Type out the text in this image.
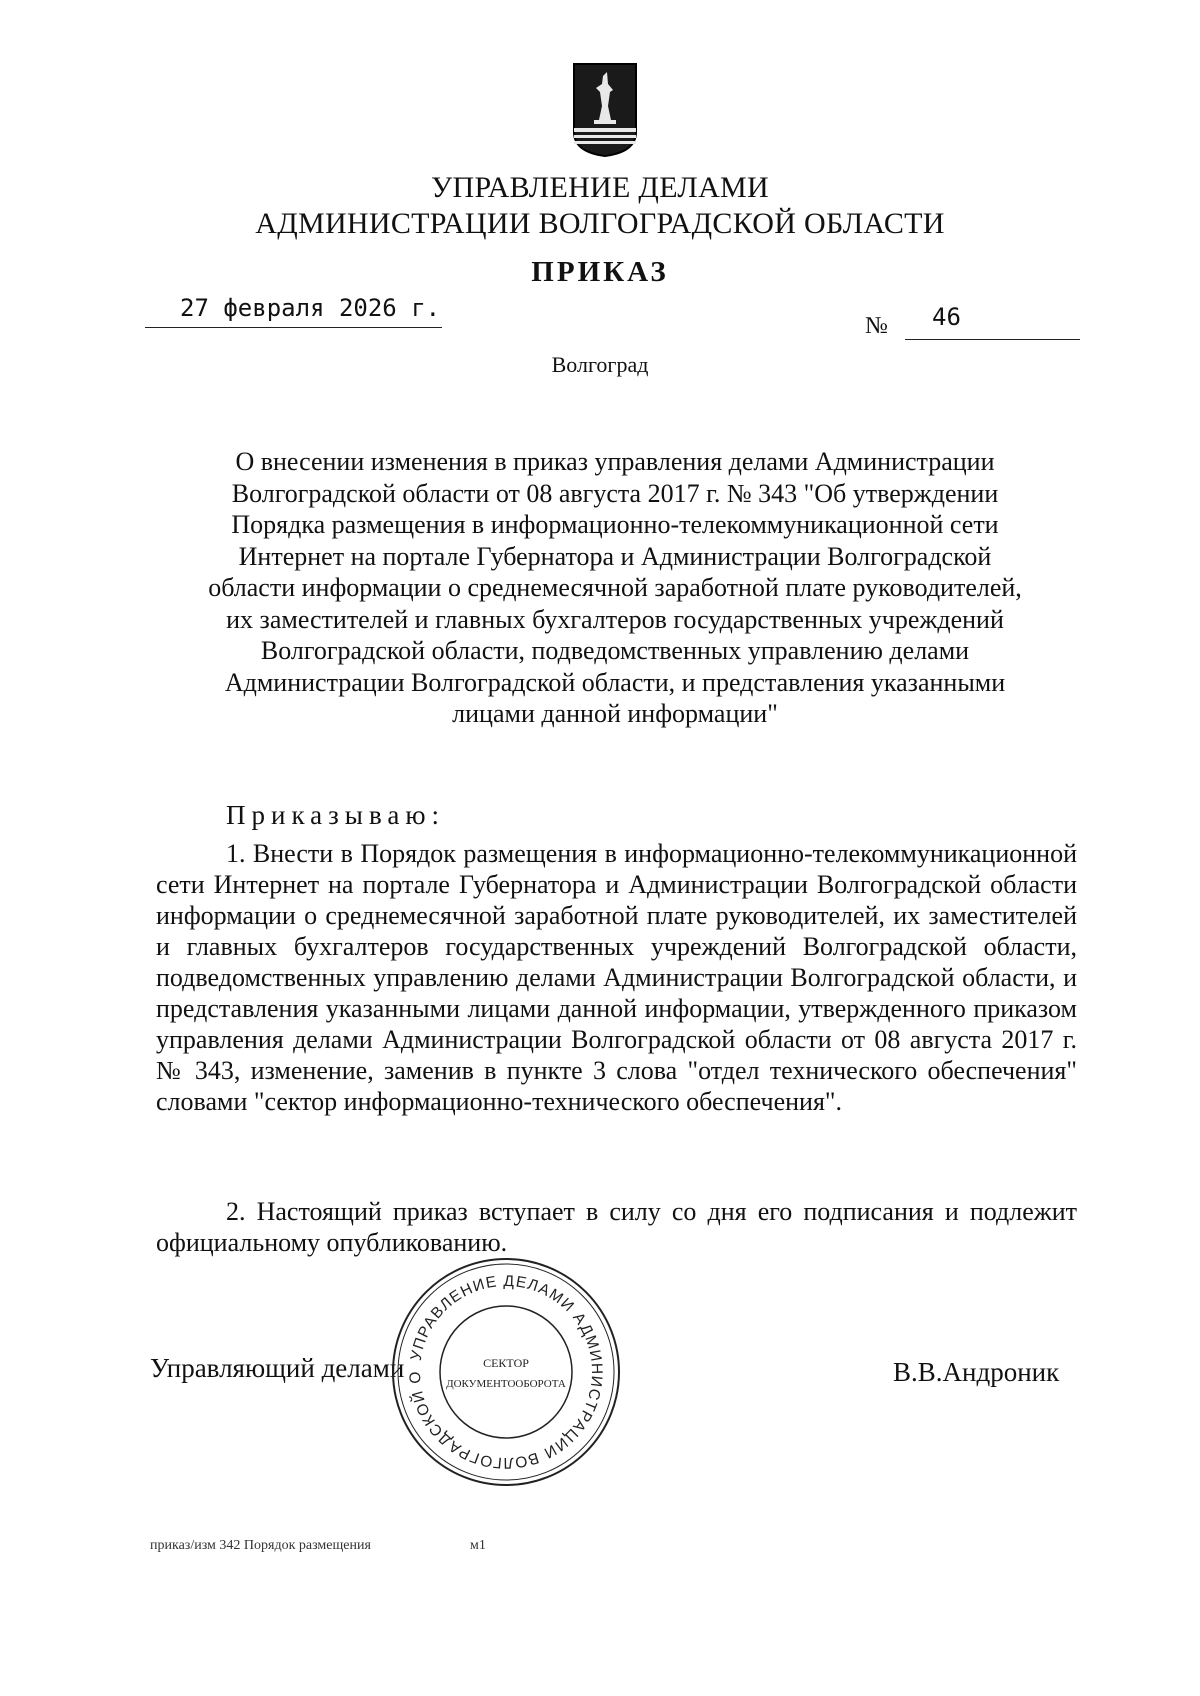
УПРАВЛЕНИЕ ДЕЛАМИ
АДМИНИСТРАЦИИ ВОЛГОГРАДСКОЙ ОБЛАСТИ
ПРИКАЗ
27 февраля 2026 г.
№ 46
Волгоград
О внесении изменения в приказ управления делами Администрации
Волгоградской области от 08 августа 2017 г. № 343 "Об утверждении
Порядка размещения в информационно-телекоммуникационной сети
Интернет на портале Губернатора и Администрации Волгоградской
области информации о среднемесячной заработной плате руководителей,
их заместителей и главных бухгалтеров государственных учреждений
Волгоградской области, подведомственных управлению делами
Администрации Волгоградской области, и представления указанными
лицами данной информации"
Приказываю:
1. Внести в Порядок размещения в информационно-телекоммуникационной сети Интернет на портале Губернатора и Администрации Волгоградской области информации о среднемесячной заработной плате руководителей, их заместителей и главных бухгалтеров государственных учреждений Волгоградской области, подведомственных управлению делами Администрации Волгоградской области, и представления указанными лицами данной информации, утвержденного приказом управления делами Администрации Волгоградской области от 08 августа 2017 г. № 343, изменение, заменив в пункте 3 слова "отдел технического обеспечения" словами "сектор информационно-технического обеспечения".
2. Настоящий приказ вступает в силу со дня его подписания и подлежит официальному опубликованию.
Управляющий делами	В.В.Андроник
УПРАВЛЕНИЕ ДЕЛАМИ АДМИНИСТРАЦИИ ВОЛГОГРАДСКОЙ О
СЕКТОР
ДОКУМЕНТООБОРОТА
приказ/изм 342 Порядок размещения	м1
